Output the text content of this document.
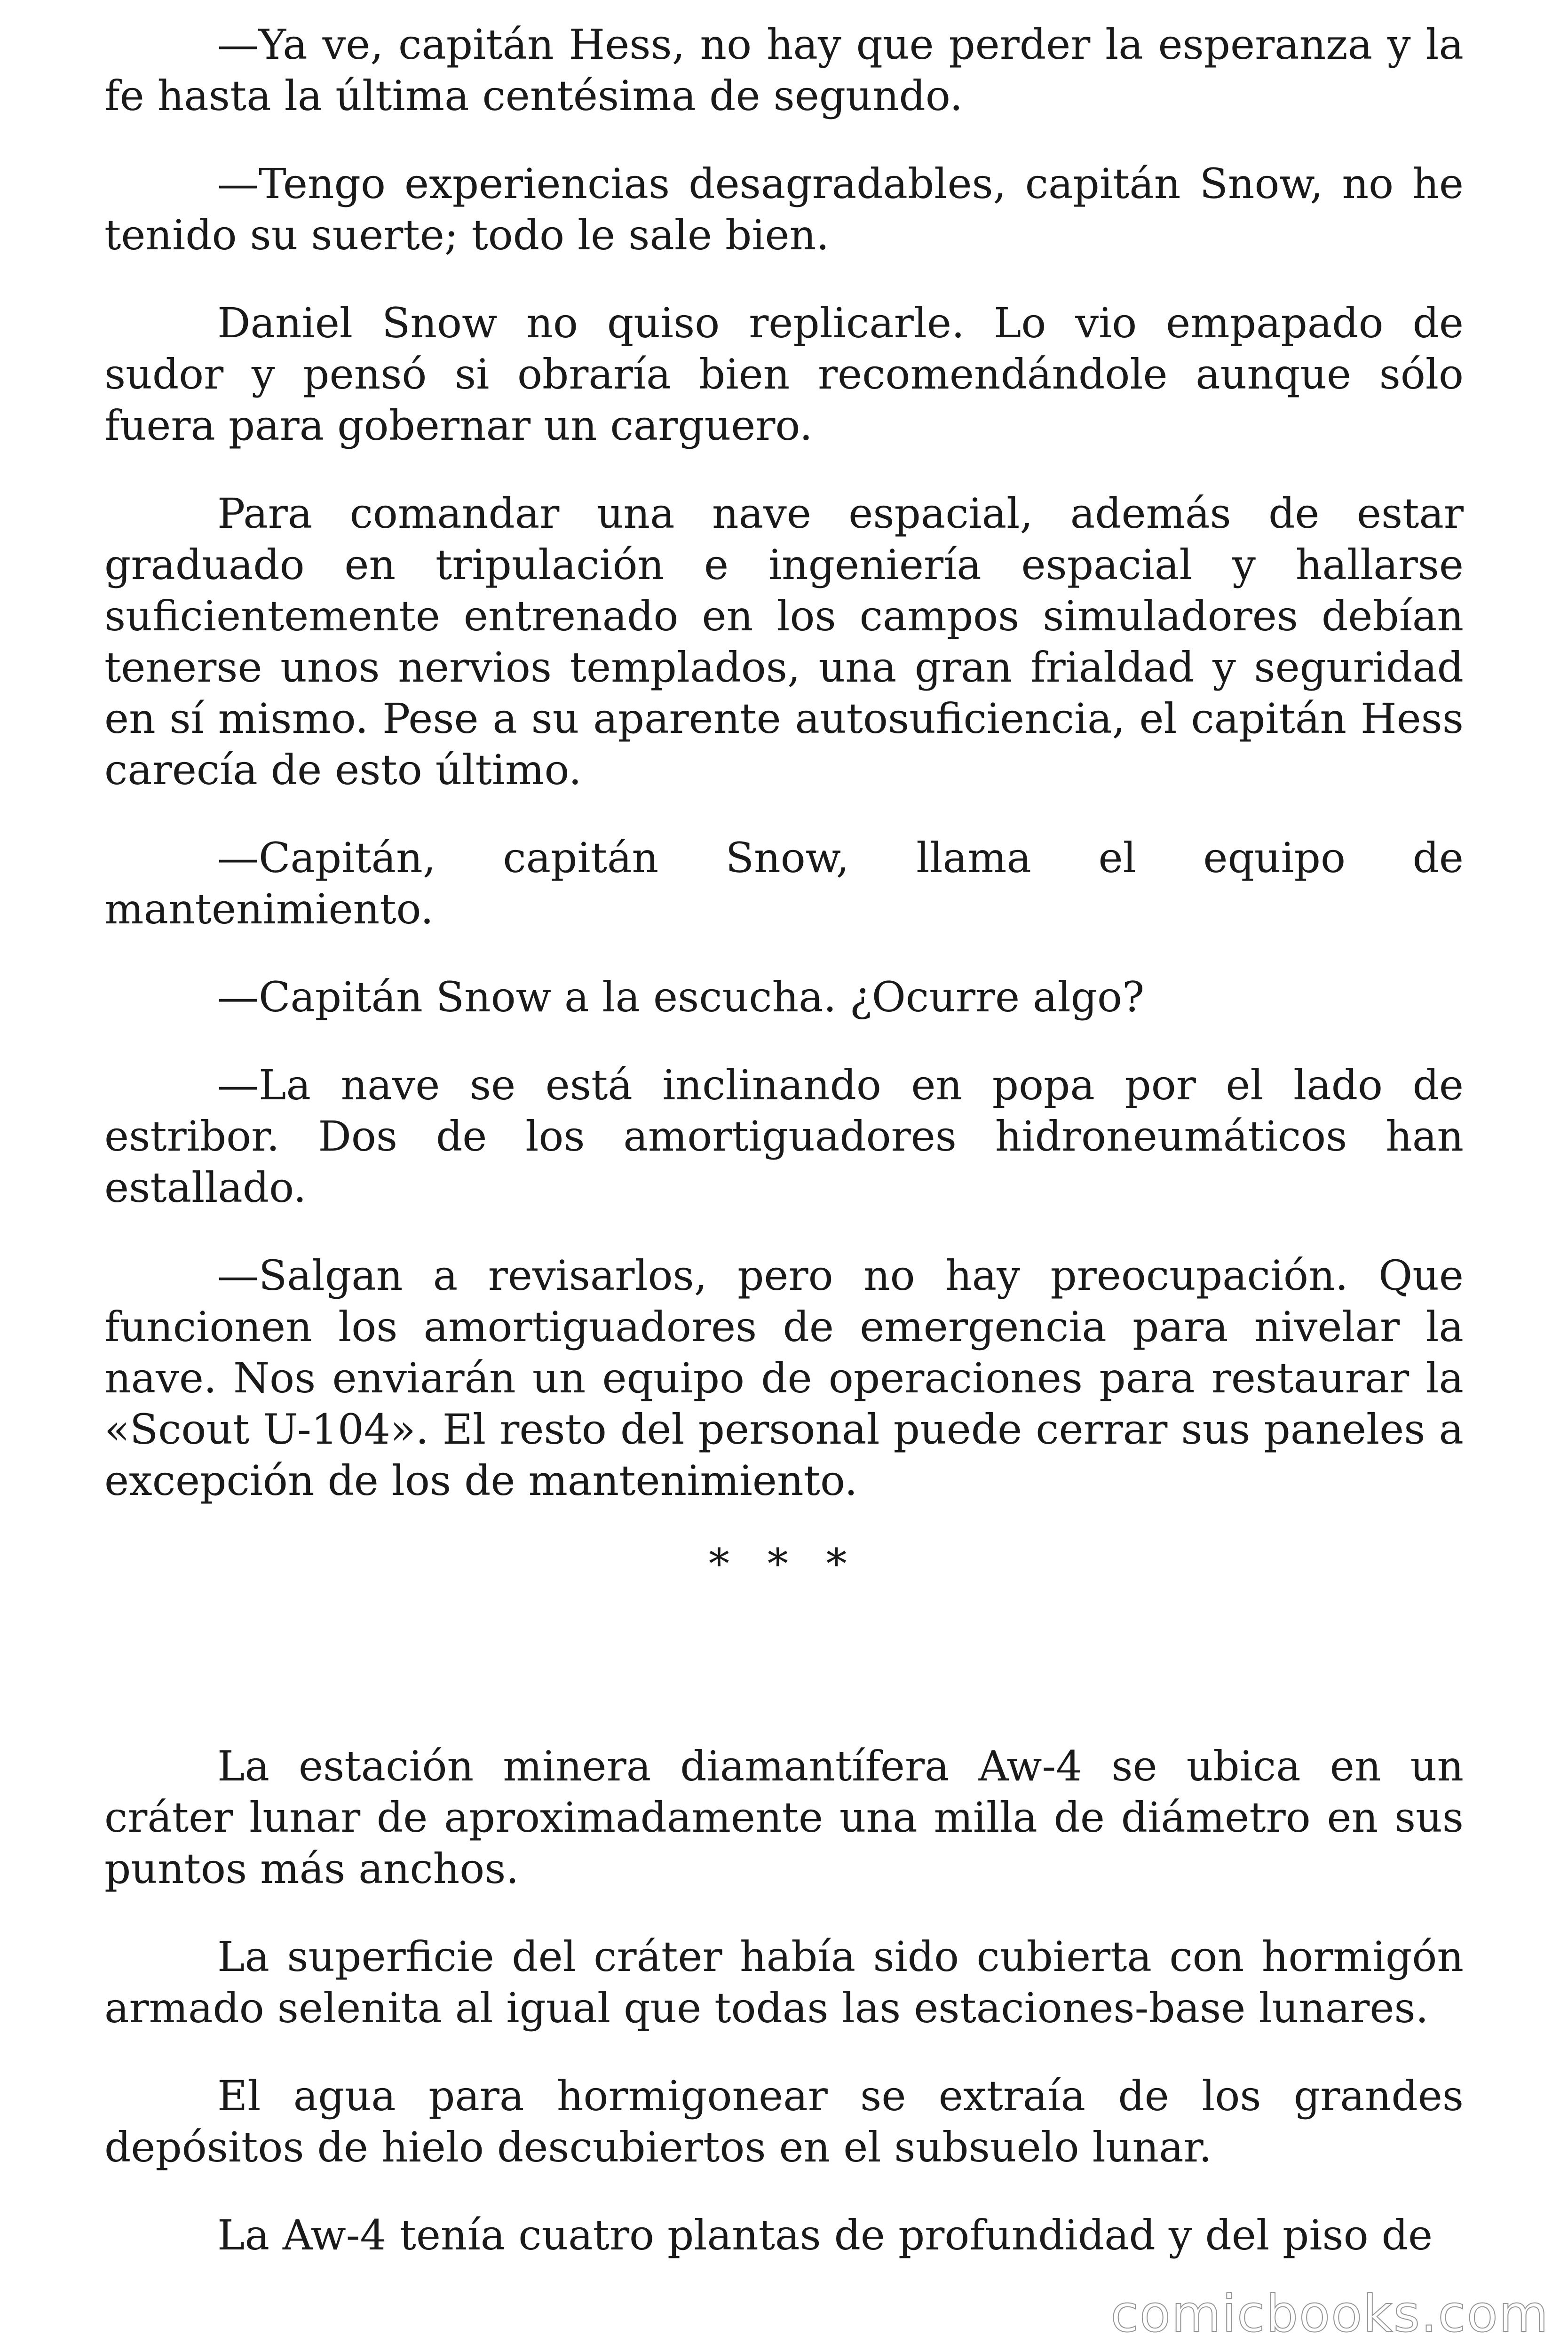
—Ya ve, capitán Hess, no hay que perder la esperanza y la fe hasta la última centésima de segundo.

—Tengo experiencias desagradables, capitán Snow, no he tenido su suerte; todo le sale bien.

Daniel Snow no quiso replicarle. Lo vio empapado de sudor y pensó si obraría bien recomendándole aunque sólo fuera para gobernar un carguero.

Para comandar una nave espacial, además de estar graduado en tripulación e ingeniería espacial y hallarse suficientemente entrenado en los campos simuladores debían tenerse unos nervios templados, una gran frialdad y seguridad en sí mismo. Pese a su aparente autosuficiencia, el capitán Hess carecía de esto último.

—Capitán, capitán Snow, llama el equipo de mantenimiento.

—Capitán Snow a la escucha. ¿Ocurre algo?

—La nave se está inclinando en popa por el lado de estribor. Dos de los amortiguadores hidroneumáticos han estallado.

—Salgan a revisarlos, pero no hay preocupación. Que funcionen los amortiguadores de emergencia para nivelar la nave. Nos enviarán un equipo de operaciones para restaurar la «Scout U-104». El resto del personal puede cerrar sus paneles a excepción de los de mantenimiento.

* * *

La estación minera diamantífera Aw-4 se ubica en un cráter lunar de aproximadamente una milla de diámetro en sus puntos más anchos.

La superficie del cráter había sido cubierta con hormigón armado selenita al igual que todas las estaciones-base lunares.

El agua para hormigonear se extraía de los grandes depósitos de hielo descubiertos en el subsuelo lunar.

La Aw-4 tenía cuatro plantas de profundidad y del piso de

comicbooks.com
